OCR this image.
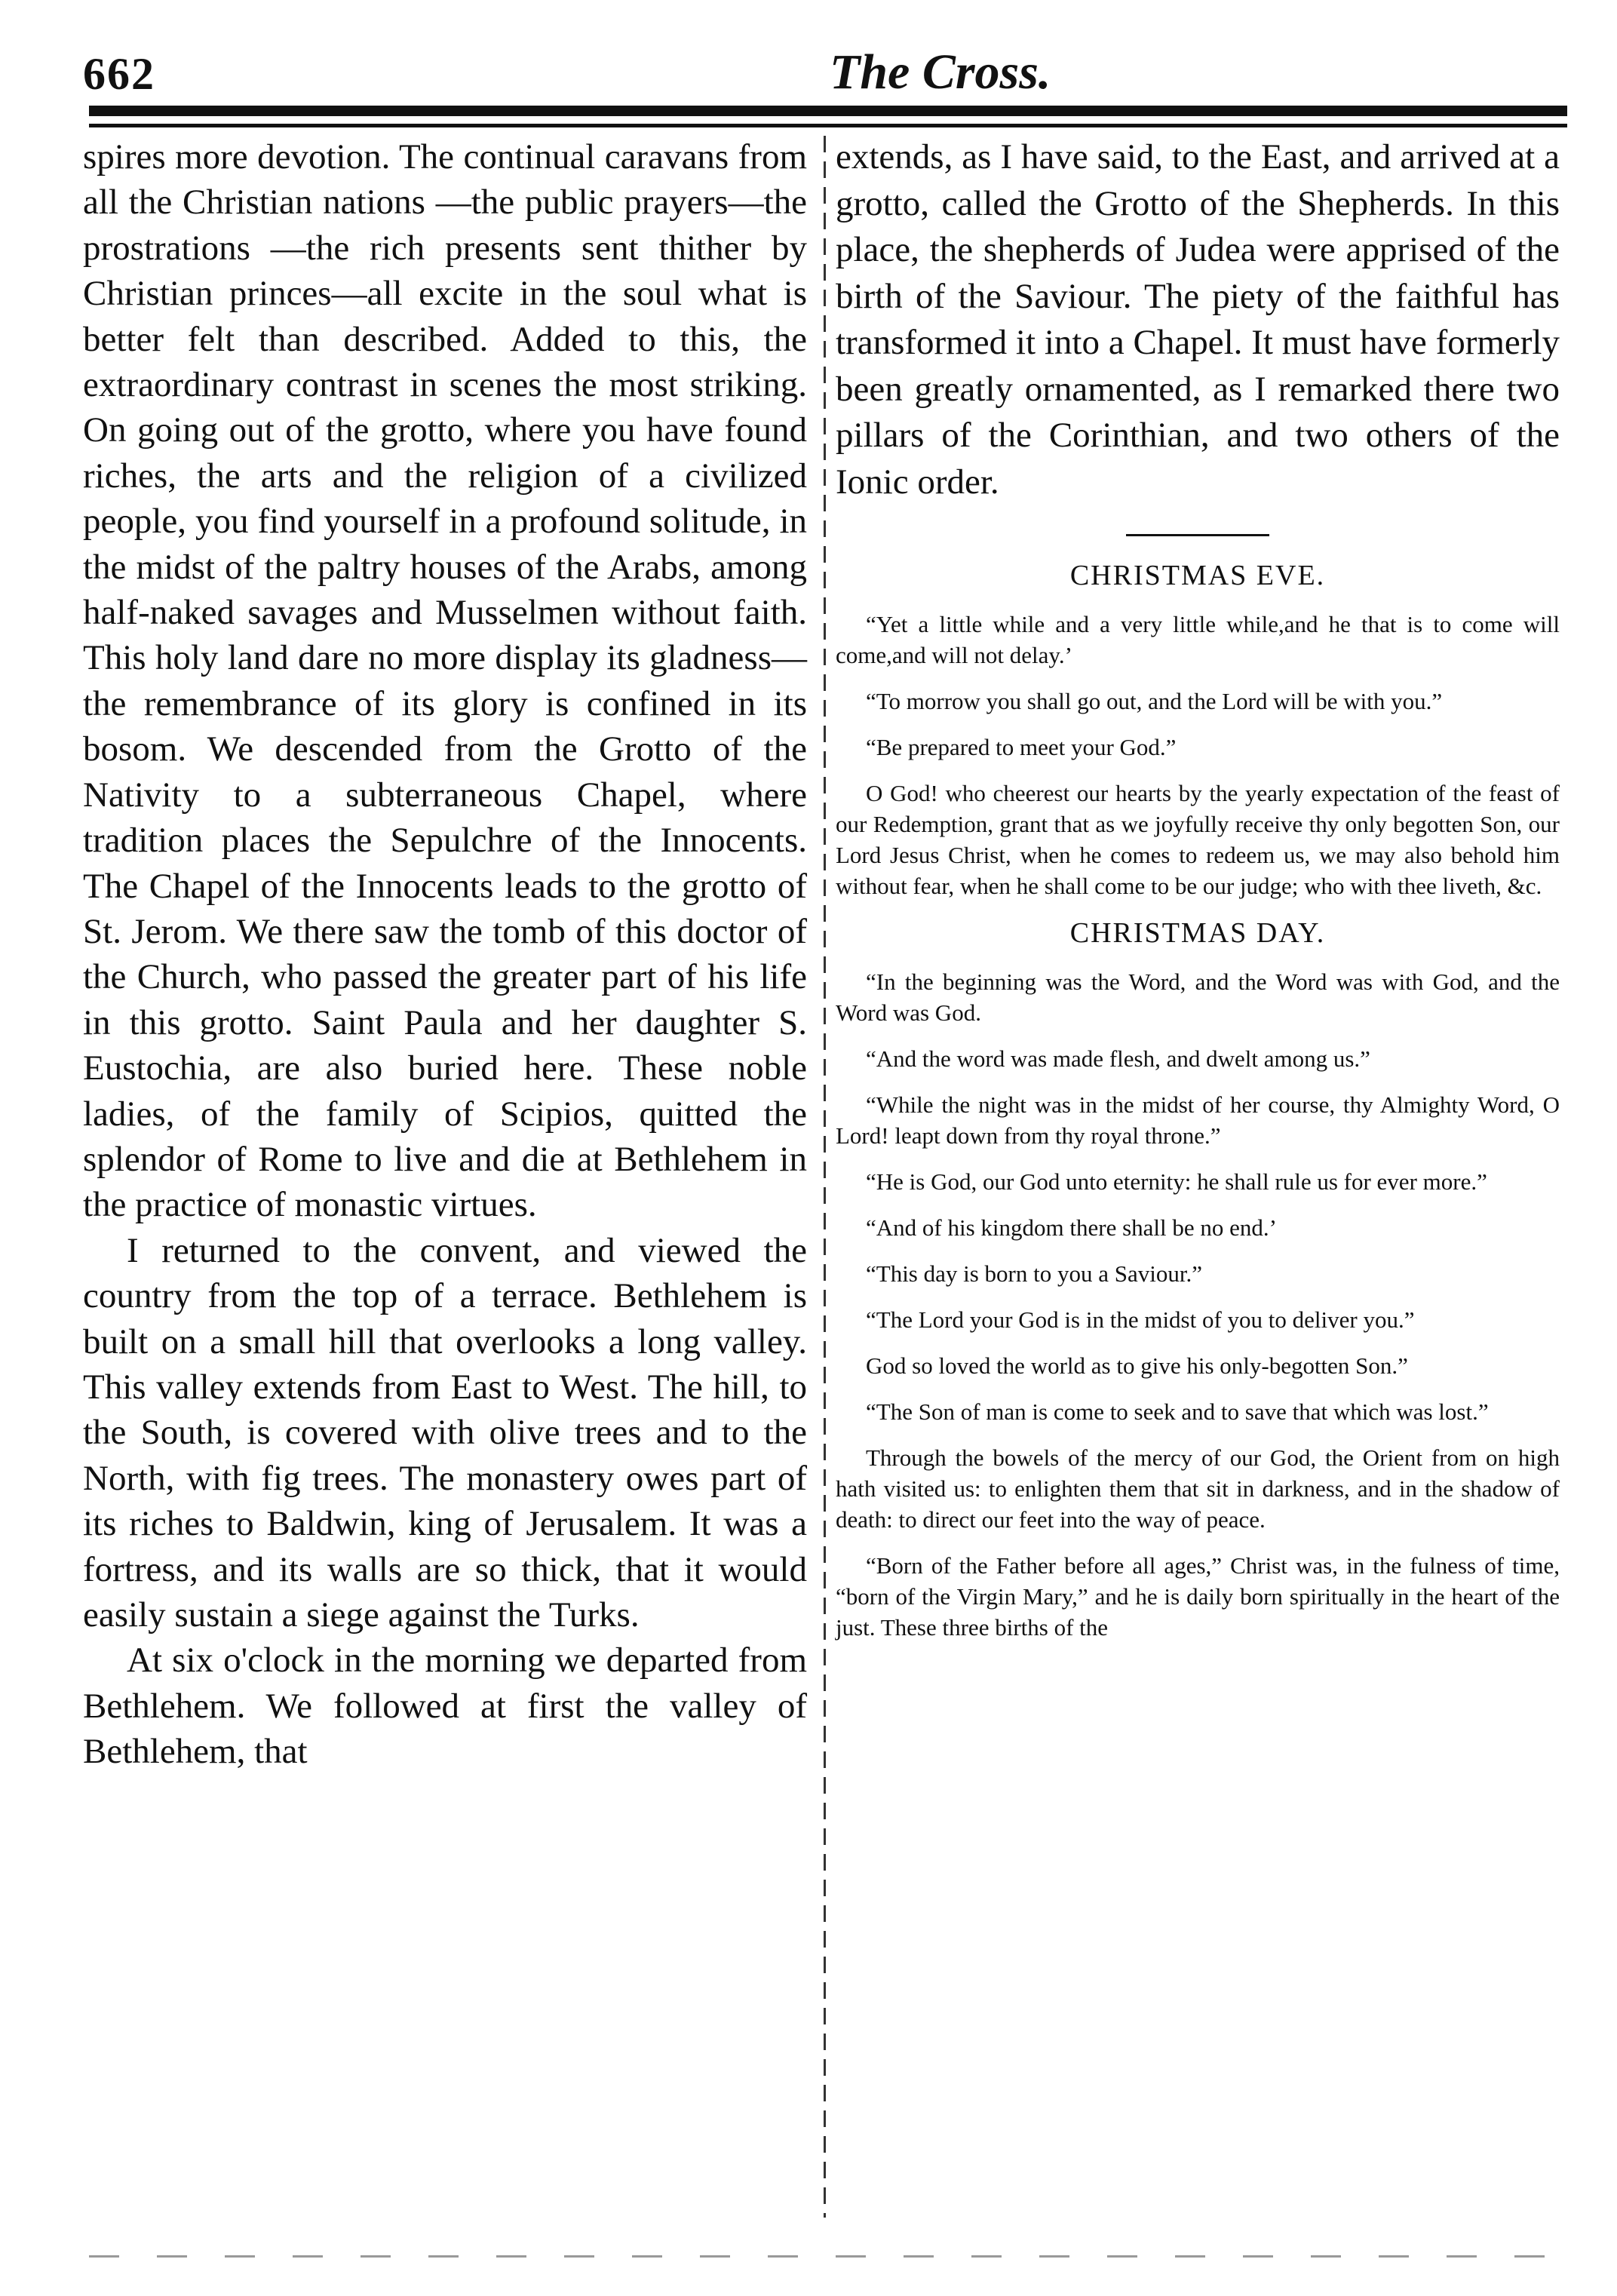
662	The Cross.

spires more devotion. The continual caravans from all the Christian nations —the public prayers—the prostrations —the rich presents sent thither by Christian princes—all excite in the soul what is better felt than described. Added to this, the extraordinary contrast in scenes the most striking. On going out of the grotto, where you have found riches, the arts and the religion of a civilized people, you find yourself in a profound solitude, in the midst of the paltry houses of the Arabs, among half-naked savages and Musselmen without faith. This holy land dare no more display its gladness—the remembrance of its glory is confined in its bosom. We descended from the Grotto of the Nativity to a subterraneous Chapel, where tradition places the Sepulchre of the Innocents. The Chapel of the Innocents leads to the grotto of St. Jerom. We there saw the tomb of this doctor of the Church, who passed the greater part of his life in this grotto. Saint Paula and her daughter S. Eustochia, are also buried here. These noble ladies, of the family of Scipios, quitted the splendor of Rome to live and die at Bethlehem in the practice of monastic virtues.

I returned to the convent, and viewed the country from the top of a terrace. Bethlehem is built on a small hill that overlooks a long valley. This valley extends from East to West. The hill, to the South, is covered with olive trees and to the North, with fig trees. The monastery owes part of its riches to Baldwin, king of Jerusalem. It was a fortress, and its walls are so thick, that it would easily sustain a siege against the Turks.

At six o'clock in the morning we departed from Bethlehem. We followed at first the valley of Bethlehem, that

extends, as I have said, to the East, and arrived at a grotto, called the Grotto of the Shepherds. In this place, the shepherds of Judea were apprised of the birth of the Saviour. The piety of the faithful has transformed it into a Chapel. It must have formerly been greatly ornamented, as I remarked there two pillars of the Corinthian, and two others of the Ionic order.

CHRISTMAS EVE.

“Yet a little while and a very little while,and he that is to come will come,and will not delay.’

“To morrow you shall go out, and the Lord will be with you.”

“Be prepared to meet your God.”

O God! who cheerest our hearts by the yearly expectation of the feast of our Redemption, grant that as we joyfully receive thy only begotten Son, our Lord Jesus Christ, when he comes to redeem us, we may also behold him without fear, when he shall come to be our judge; who with thee liveth, &c.

CHRISTMAS DAY.

“In the beginning was the Word, and the Word was with God, and the Word was God.

“And the word was made flesh, and dwelt among us.”

“While the night was in the midst of her course, thy Almighty Word, O Lord! leapt down from thy royal throne.”

“He is God, our God unto eternity: he shall rule us for ever more.”

“And of his kingdom there shall be no end.’

“This day is born to you a Saviour.”

“The Lord your God is in the midst of you to deliver you.”

God so loved the world as to give his only-begotten Son.”

“The Son of man is come to seek and to save that which was lost.”

Through the bowels of the mercy of our God, the Orient from on high hath visited us: to enlighten them that sit in darkness, and in the shadow of death: to direct our feet into the way of peace.

“Born of the Father before all ages,” Christ was, in the fulness of time, “born of the Virgin Mary,” and he is daily born spiritually in the heart of the just. These three births of the
